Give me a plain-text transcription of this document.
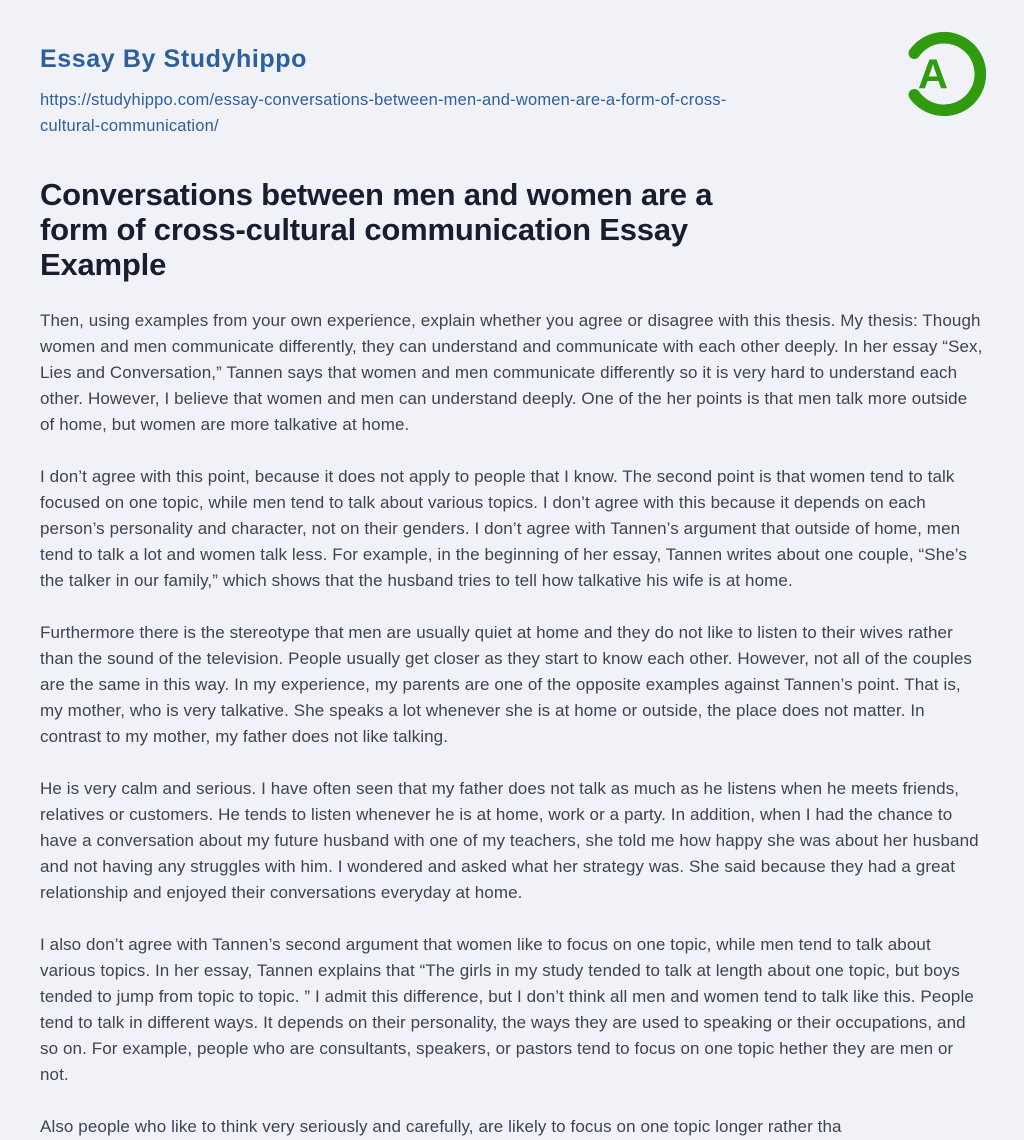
Essay By Studyhippo
https://studyhippo.com/essay-conversations-between-men-and-women-are-a-form-of-cross-
cultural-communication/
A
Conversations between men and women are a
form of cross-cultural communication Essay
Example

Then, using examples from your own experience, explain whether you agree or disagree with this thesis. My thesis: Though women and men communicate differently, they can understand and communicate with each other deeply. In her essay “Sex, Lies and Conversation,” Tannen says that women and men communicate differently so it is very hard to understand each other. However, I believe that women and men can understand deeply. One of the her points is that men talk more outside of home, but women are more talkative at home.

I don’t agree with this point, because it does not apply to people that I know. The second point is that women tend to talk focused on one topic, while men tend to talk about various topics. I don’t agree with this because it depends on each person’s personality and character, not on their genders. I don’t agree with Tannen’s argument that outside of home, men tend to talk a lot and women talk less. For example, in the beginning of her essay, Tannen writes about one couple, “She’s the talker in our family,” which shows that the husband tries to tell how talkative his wife is at home.

Furthermore there is the stereotype that men are usually quiet at home and they do not like to listen to their wives rather than the sound of the television. People usually get closer as they start to know each other. However, not all of the couples are the same in this way. In my experience, my parents are one of the opposite examples against Tannen’s point. That is, my mother, who is very talkative. She speaks a lot whenever she is at home or outside, the place does not matter. In contrast to my mother, my father does not like talking.

He is very calm and serious. I have often seen that my father does not talk as much as he listens when he meets friends, relatives or customers. He tends to listen whenever he is at home, work or a party. In addition, when I had the chance to have a conversation about my future husband with one of my teachers, she told me how happy she was about her husband and not having any struggles with him. I wondered and asked what her strategy was. She said because they had a great relationship and enjoyed their conversations everyday at home.

I also don’t agree with Tannen’s second argument that women like to focus on one topic, while men tend to talk about various topics. In her essay, Tannen explains that “The girls in my study tended to talk at length about one topic, but boys tended to jump from topic to topic. ” I admit this difference, but I don’t think all men and women tend to talk like this. People tend to talk in different ways. It depends on their personality, the ways they are used to speaking or their occupations, and so on. For example, people who are consultants, speakers, or pastors tend to focus on one topic hether they are men or not.

Also people who like to think very seriously and carefully, are likely to focus on one topic longer rather tha
